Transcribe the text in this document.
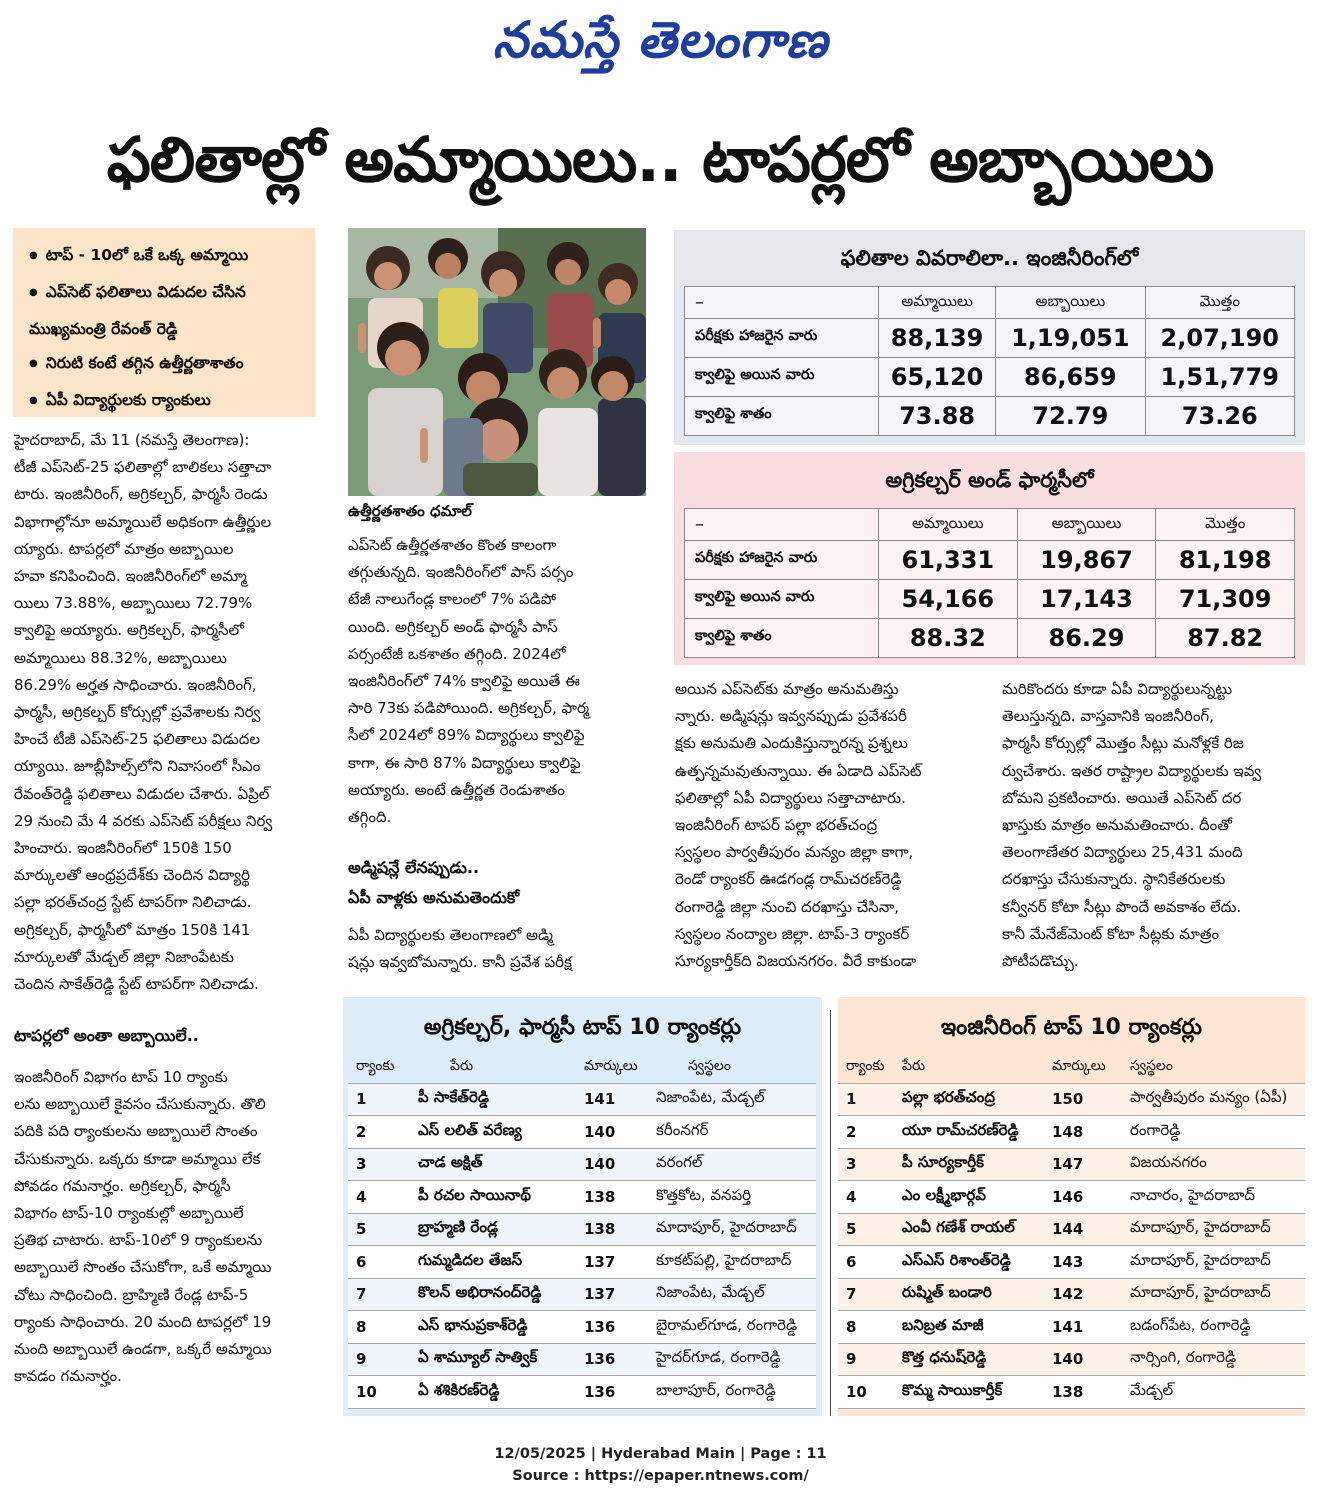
నమస్తే తెలంగాణ
ఫలితాల్లో అమ్మాయిలు.. టాపర్లలో అబ్బాయిలు
● టాప్ - 10లో ఒకే ఒక్క అమ్మాయి
● ఎప్‌సెట్ ఫలితాలు విడుదల చేసిన
ముఖ్యమంత్రి రేవంత్ రెడ్డి
● నిరుటి కంటే తగ్గిన ఉత్తీర్ణతాశాతం
● ఏపీ విద్యార్థులకు ర్యాంకులు
ఉత్తీర్ణతశాతం ధమాల్
ఫలితాల వివరాలిలా.. ఇంజినీరింగ్‌లో
–	అమ్మాయిలు	అబ్బాయిలు	మొత్తం
పరీక్షకు హాజరైన వారు	88,139	1,19,051	2,07,190
క్వాలిఫై అయిన వారు	65,120	86,659	1,51,779
క్వాలిఫై శాతం	73.88	72.79	73.26
అగ్రికల్చర్ అండ్ ఫార్మసీలో
–	అమ్మాయిలు	అబ్బాయిలు	మొత్తం
పరీక్షకు హాజరైన వారు	61,331	19,867	81,198
క్వాలిఫై అయిన వారు	54,166	17,143	71,309
క్వాలిఫై శాతం	88.32	86.29	87.82

హైదరాబాద్, మే 11 (నమస్తే తెలంగాణ):

టీజీ ఎప్‌సెట్-25 ఫలితాల్లో బాలికలు సత్తాచా

టారు. ఇంజినీరింగ్, అగ్రికల్చర్, ఫార్మసీ రెండు

విభాగాల్లోనూ అమ్మాయిలే అధికంగా ఉత్తీర్ణుల

య్యారు. టాపర్లలో మాత్రం అబ్బాయిల

హవా కనిపించింది. ఇంజినీరింగ్‌లో అమ్మా

యిలు 73.88%, అబ్బాయిలు 72.79%

క్వాలిఫై అయ్యారు. అగ్రికల్చర్, ఫార్మసీలో

అమ్మాయిలు 88.32%, అబ్బాయిలు

86.29% అర్హత సాధించారు. ఇంజినీరింగ్,

ఫార్మసీ, అగ్రికల్చర్ కోర్సుల్లో ప్రవేశాలకు నిర్వ

హించే టీజీ ఎప్‌సెట్-25 ఫలితాలు విడుదల

య్యాయి. జూబ్లీహిల్స్‌లోని నివాసంలో సీఎం

రేవంత్‌రెడ్డి ఫలితాలు విడుదల చేశారు. ఏప్రిల్

29 నుంచి మే 4 వరకు ఎప్‌సెట్ పరీక్షలు నిర్వ

హించారు. ఇంజినీరింగ్‌లో 150కి 150

మార్కులతో ఆంధ్రప్రదేశ్‌కు చెందిన విద్యార్థి

పల్లా భరత్‌చంద్ర స్టేట్ టాపర్‌గా నిలిచాడు.

అగ్రికల్చర్, ఫార్మసీలో మాత్రం 150కి 141

మార్కులతో మేడ్చల్ జిల్లా నిజాంపేటకు

చెందిన సాకేత్‌రెడ్డి స్టేట్ టాపర్‌గా నిలిచాడు.

టాపర్లలో అంతా అబ్బాయిలే..

ఇంజినీరింగ్ విభాగం టాప్ 10 ర్యాంకు

లను అబ్బాయిలే కైవసం చేసుకున్నారు. తొలి

పదికి పది ర్యాంకులను అబ్బాయిలే సొంతం

చేసుకున్నారు. ఒక్కరు కూడా అమ్మాయి లేక

పోవడం గమనార్హం. అగ్రికల్చర్, ఫార్మసీ

విభాగం టాప్-10 ర్యాంకుల్లో అబ్బాయిలే

ప్రతిభ చాటారు. టాప్-10లో 9 ర్యాంకులను

అబ్బాయిలే సొంతం చేసుకోగా, ఒకే అమ్మాయి

చోటు సాధించింది. బ్రాహ్మిణి రేండ్ల టాప్-5

ర్యాంకు సాధించారు. 20 మంది టాపర్లలో 19

మంది అబ్బాయిలే ఉండగా, ఒక్కరే అమ్మాయి

కావడం గమనార్హం.

ఎప్‌సెట్ ఉత్తీర్ణతశాతం కొంత కాలంగా

తగ్గుతున్నది. ఇంజినీరింగ్‌లో పాస్ పర్సం

టేజీ నాలుగేండ్ల కాలంలో 7% పడిపో

యింది. అగ్రికల్చర్ అండ్ ఫార్మసీ పాస్

పర్సంటేజీ ఒకశాతం తగ్గింది. 2024లో

ఇంజినీరింగ్‌లో 74% క్వాలిఫై అయితే ఈ

సారి 73కు పడిపోయింది. అగ్రికల్చర్, ఫార్మ

సీలో 2024లో 89% విద్యార్థులు క్వాలిఫై

కాగా, ఈ సారి 87% విద్యార్థులు క్వాలిఫై

అయ్యారు. అంటే ఉత్తీర్ణత రెండుశాతం

తగ్గింది.

అడ్మిషన్లే లేనప్పుడు..
ఏపీ వాళ్లకు అనుమతెందుకో

ఏపీ విద్యార్థులకు తెలంగాణలో అడ్మి

షన్లు ఇవ్వబోమన్నారు. కానీ ప్రవేశ పరీక్ష

అయిన ఎప్‌సెట్‌కు మాత్రం అనుమతిస్తు

న్నారు. అడ్మిషన్లు ఇవ్వనప్పుడు ప్రవేశపరీ

క్షకు అనుమతి ఎందుకిస్తున్నారన్న ప్రశ్నలు

ఉత్పన్నమవుతున్నాయి. ఈ ఏడాది ఎప్‌సెట్

ఫలితాల్లో ఏపీ విద్యార్థులు సత్తాచాటారు.

ఇంజినీరింగ్ టాపర్ పల్లా భరత్‌చంద్ర

స్వస్థలం పార్వతీపురం మన్యం జిల్లా కాగా,

రెండో ర్యాంకర్ ఊడగండ్ల రామ్‌చరణ్‌రెడ్డి

రంగారెడ్డి జిల్లా నుంచి దరఖాస్తు చేసినా,

స్వస్థలం నంద్యాల జిల్లా. టాప్-3 ర్యాంకర్

సూర్యకార్తీక్‌ది విజయనగరం. వీరే కాకుండా

మరికొందరు కూడా ఏపీ విద్యార్థులున్నట్టు

తెలుస్తున్నది. వాస్తవానికి ఇంజినీరింగ్,

ఫార్మసీ కోర్సుల్లో మొత్తం సీట్లు మనోళ్లకే రిజ

ర్వుచేశారు. ఇతర రాష్ట్రాల విద్యార్థులకు ఇవ్వ

బోమని ప్రకటించారు. అయితే ఎప్‌సెట్ దర

ఖాస్తుకు మాత్రం అనుమతించారు. దీంతో

తెలంగాణేతర విద్యార్థులు 25,431 మంది

దరఖాస్తు చేసుకున్నారు. స్థానికేతరులకు

కన్వీనర్ కోటా సీట్లు పొందే అవకాశం లేదు.

కానీ మేనేజ్‌మెంట్ కోటా సీట్లకు మాత్రం

పోటీపడొచ్చు.

అగ్రికల్చర్, ఫార్మసీ టాప్ 10 ర్యాంకర్లు
ర్యాంకు	పేరు	మార్కులు	స్వస్థలం
1	పీ సాకేత్‌రెడ్డి	141	నిజాంపేట, మేడ్చల్
2	ఎస్ లలిత్ వరేణ్య	140	కరీంనగర్
3	చాడ అక్షిత్	140	వరంగల్
4	పీ రచల సాయినాథ్	138	కొత్తకోట, వనపర్తి
5	బ్రాహ్మణి రేండ్ల	138	మాదాపూర్, హైదరాబాద్
6	గుమ్మడిదల తేజస్	137	కూకట్‌పల్లి, హైదరాబాద్
7	కొలన్ అభిరానంద్‌రెడ్డి	137	నిజాంపేట, మేడ్చల్
8	ఎస్ భానుప్రకాశ్‌రెడ్డి	136	బైరామల్‌గూడ, రంగారెడ్డి
9	ఏ శామ్యూల్ సాత్విక్	136	హైదర్‌గూడ, రంగారెడ్డి
10	ఏ శశికిరణ్‌రెడ్డి	136	బాలాపూర్, రంగారెడ్డి
ఇంజినీరింగ్ టాప్ 10 ర్యాంకర్లు
ర్యాంకు	పేరు	మార్కులు	స్వస్థలం
1	పల్లా భరత్‌చంద్ర	150	పార్వతీపురం మన్యం (ఏపీ)
2	యూ రామ్‌చరణ్‌రెడ్డి	148	రంగారెడ్డి
3	పీ సూర్యకార్తీక్	147	విజయనగరం
4	ఎం లక్ష్మీభార్గవ్	146	నాచారం, హైదరాబాద్
5	ఎంవీ గణేశ్ రాయల్	144	మాదాపూర్, హైదరాబాద్
6	ఎస్ఎస్ రిశాంత్‌రెడ్డి	143	మాదాపూర్, హైదరాబాద్
7	రుష్మిత్ బండారి	142	మాదాపూర్, హైదరాబాద్
8	బనిబ్రత మాజీ	141	బడంగ్‌పేట, రంగారెడ్డి
9	కొత్త ధనుష్‌రెడ్డి	140	నార్సింగి, రంగారెడ్డి
10	కొమ్మ సాయికార్తీక్	138	మేడ్చల్
12/05/2025 | Hyderabad Main | Page : 11
Source : https://epaper.ntnews.com/
